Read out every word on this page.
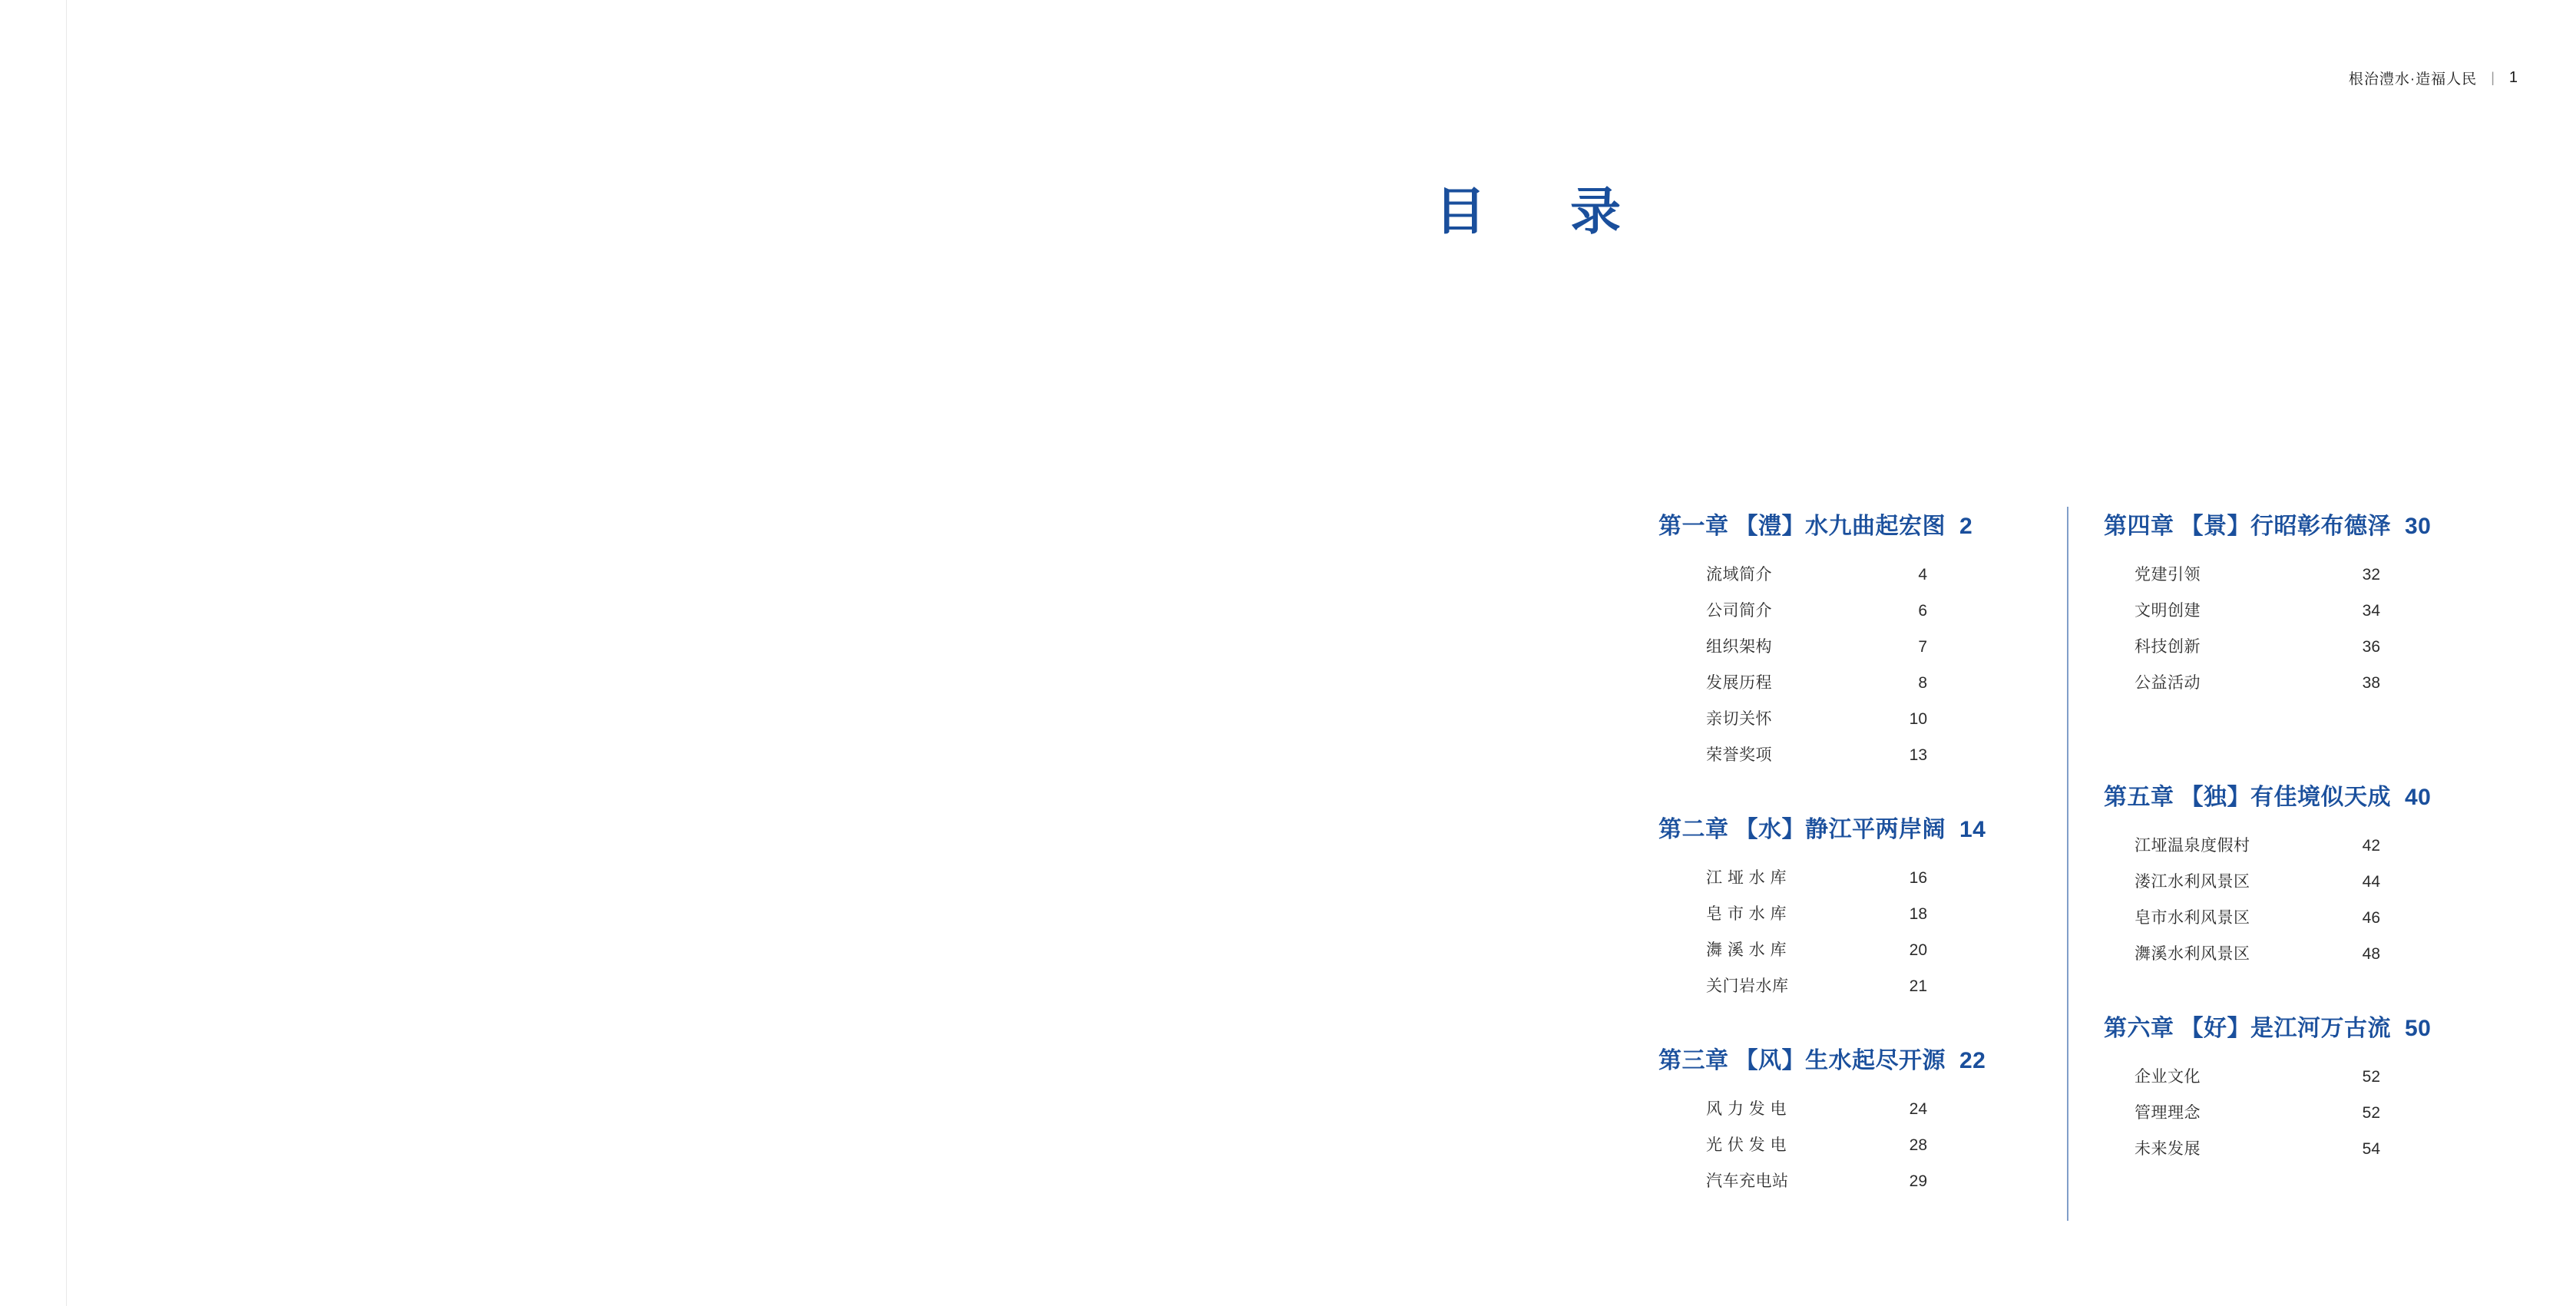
根治澧水·造福人民 | 1
目　录
第一章 【澧】水九曲起宏图 2
流域简介	4
公司简介	6
组织架构	7
发展历程	8
亲切关怀	10
荣誉奖项	13
第二章 【水】静江平两岸阔 14
江 垭 水 库	16
皂 市 水 库	18
㵲 溪 水 库	20
关门岩水库	21
第三章 【风】生水起尽开源 22
风 力 发 电	24
光 伏 发 电	28
汽车充电站	29
第四章 【景】行昭彰布德泽 30
党建引领	32
文明创建	34
科技创新	36
公益活动	38
第五章 【独】有佳境似天成 40
江垭温泉度假村	42
溇江水利风景区	44
皂市水利风景区	46
㵲溪水利风景区	48
第六章 【好】是江河万古流 50
企业文化	52
管理理念	52
未来发展	54
